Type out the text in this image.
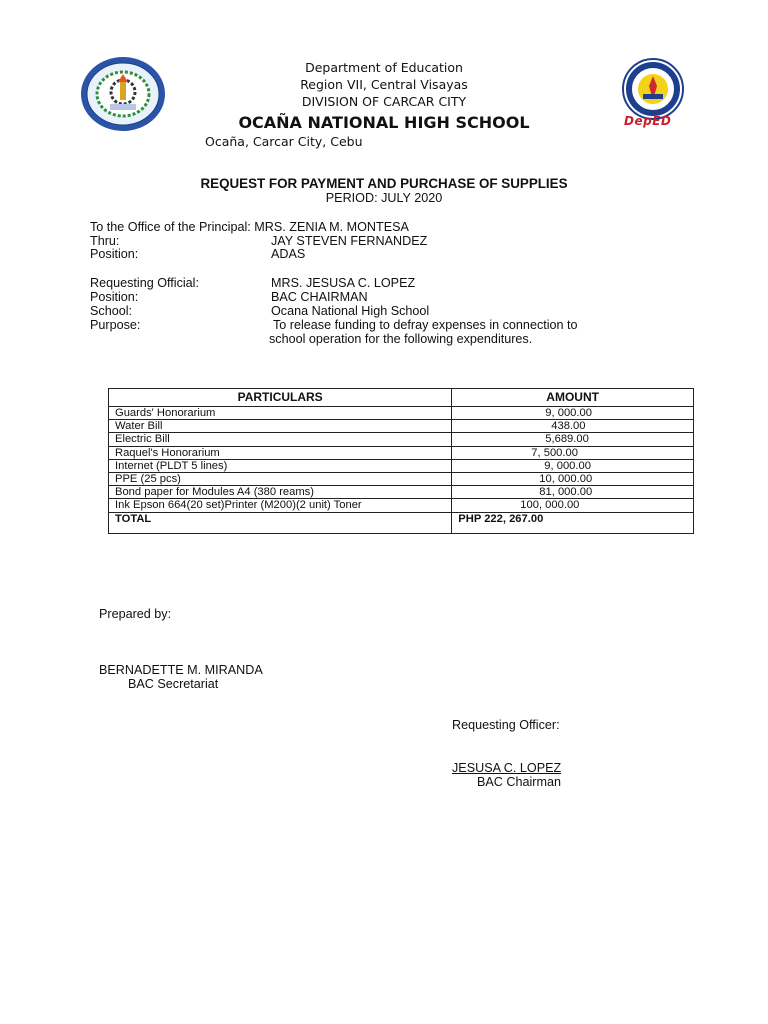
DepED
Department of Education
Region VII, Central Visayas
DIVISION OF CARCAR CITY
OCAÑA NATIONAL HIGH SCHOOL
Ocaña, Carcar City, Cebu
REQUEST FOR PAYMENT AND PURCHASE OF SUPPLIES
PERIOD: JULY 2020
To the Office of the Principal: MRS. ZENIA M. MONTESA
Thru:	JAY STEVEN FERNANDEZ
Position:	ADAS
Requesting Official:	MRS. JESUSA C. LOPEZ
Position:	BAC CHAIRMAN
School:	Ocana National High School
Purpose:	To release funding to defray expenses in connection to
school operation for the following expenditures.
PARTICULARS	AMOUNT
Guards' Honorarium	9, 000.00
Water Bill	438.00
Electric Bill	5,689.00
Raquel's Honorarium	7, 500.00
Internet (PLDT 5 lines)	9, 000.00
PPE (25 pcs)	10, 000.00
Bond paper for Modules A4 (380 reams)	81, 000.00
Ink Epson 664(20 set)Printer (M200)(2 unit) Toner	100, 000.00
TOTAL	PHP 222, 267.00
Prepared by:
BERNADETTE M. MIRANDA
BAC Secretariat
Requesting Officer:
JESUSA C. LOPEZ
BAC Chairman
